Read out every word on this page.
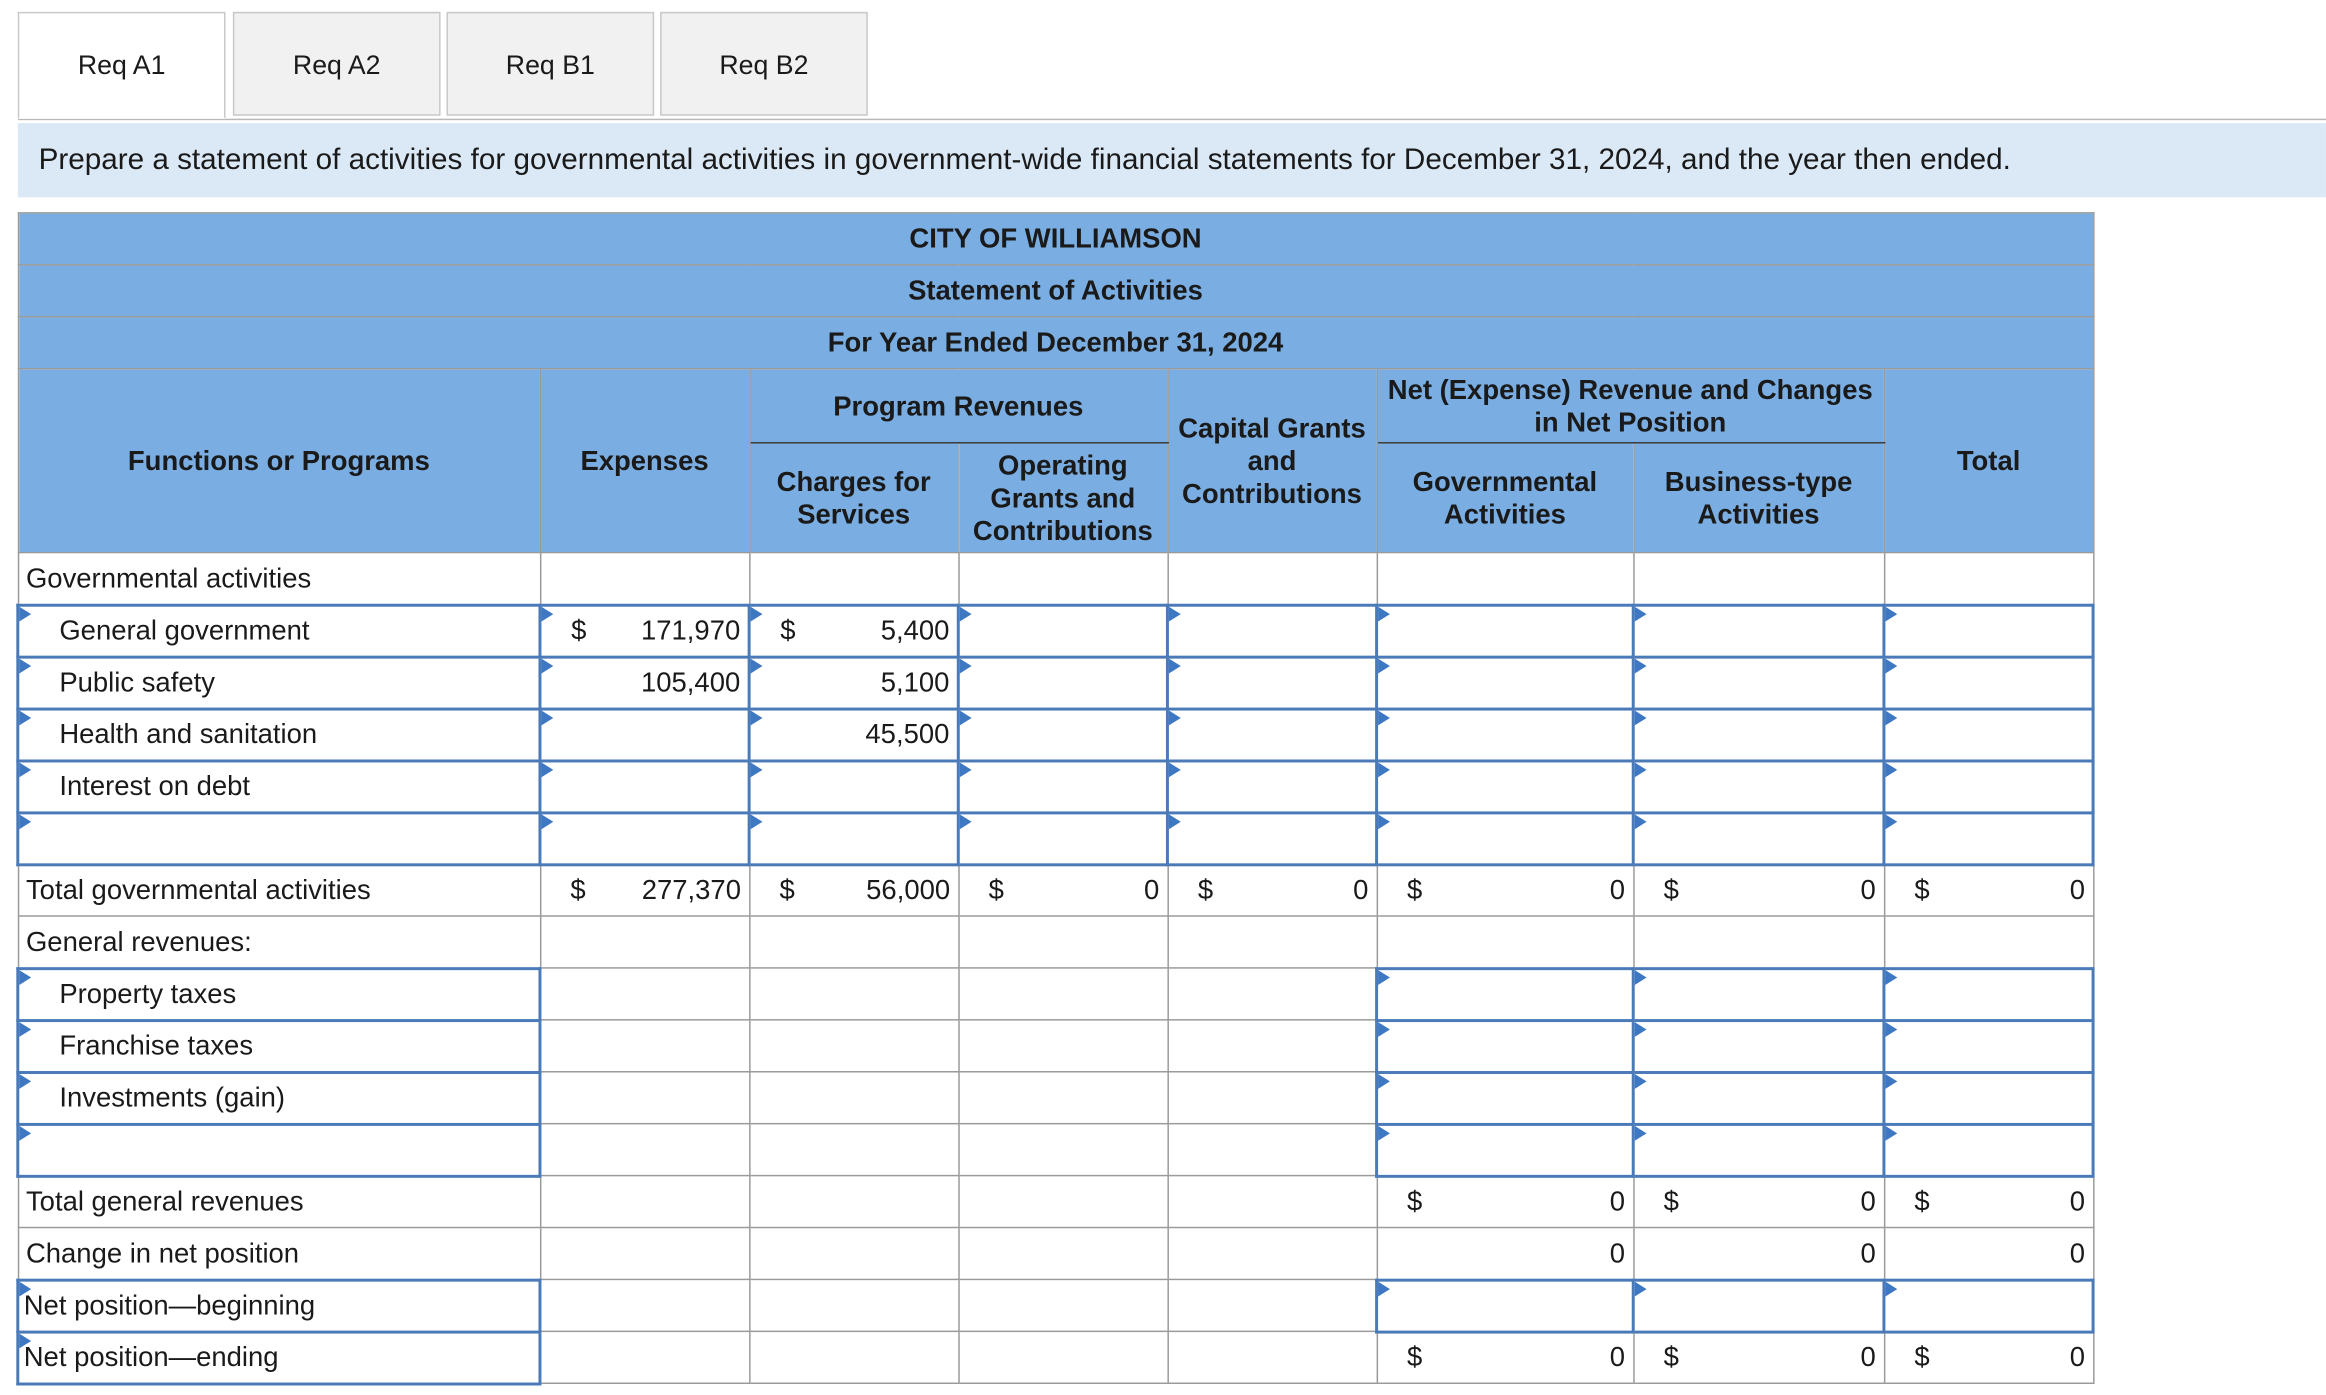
Req A1	Req A2	Req B1	Req B2
Prepare a statement of activities for governmental activities in government-wide financial statements for December 31, 2024, and the year then ended.
CITY OF WILLIAMSON							
Statement of Activities							
For Year Ended December 31, 2024							
Functions or Programs	Expenses	Program Revenues		Capital Grants and Contributions	Net (Expense) Revenue and Changes in Net Position		Total
		Charges for Services	Operating Grants and Contributions		Governmental Activities	Business-type Activities	
Governmental activities							
General government	$ 171,970	$ 5,400					

Public safety	105,400	5,100					

Health and sanitation		45,500					

Interest on debt	

Total governmental activities	$ 277,370	$ 56,000	$ 0	$ 0	$ 0	$ 0	$ 0

General revenues:							
Property taxes							
Franchise taxes							
Investments (gain)							

Total general revenues					$ 0	$ 0	$ 0

Change in net position					0	0	0

Net position—beginning							
Net position—ending					$ 0	$ 0	$ 0
